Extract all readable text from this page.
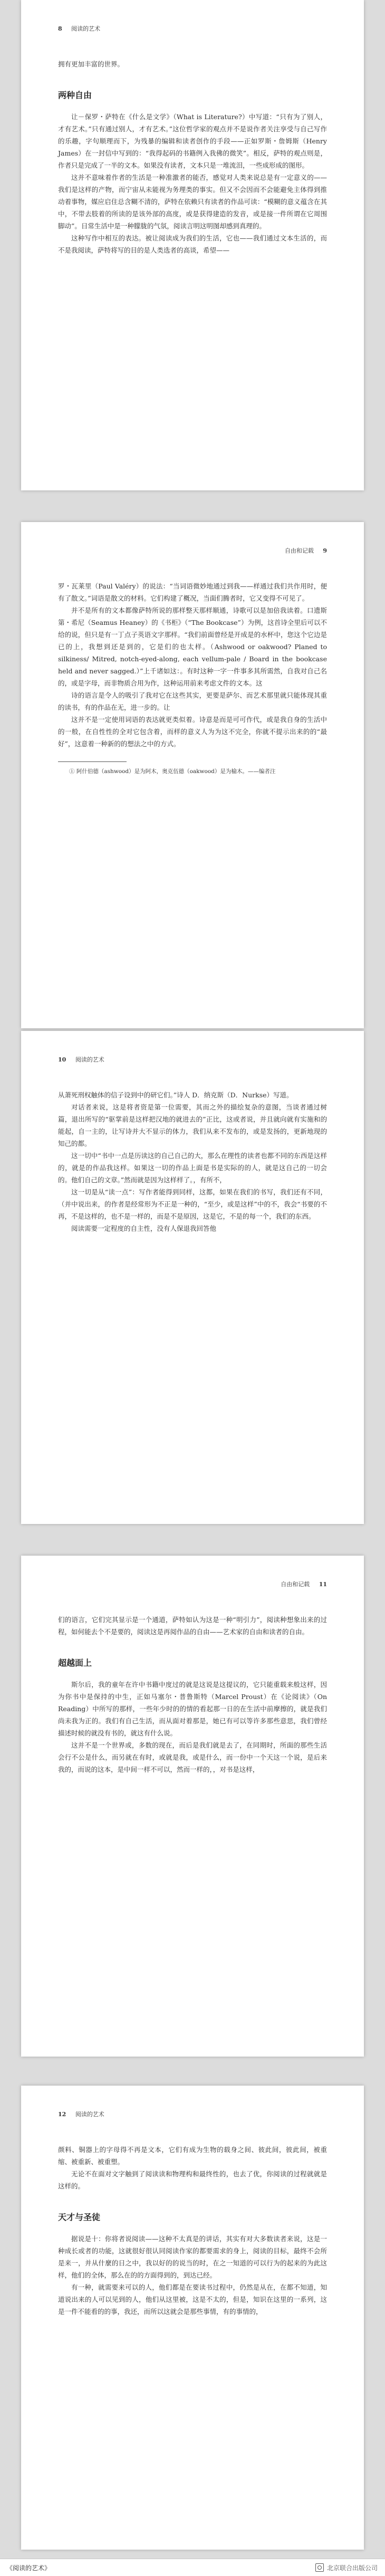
8 阅读的艺术

拥有更加丰富的世界。

两种自由

让－保罗・萨特在《什么是文学》（What is Literature?）中写道：“只有为了别人，才有艺术。”只有通过别人，才有艺术。”这位哲学家的观点并不是说作者关注享受与自己写作的乐趣，字句顺理而下，为残暴的编辑和读者创作的手段——正如罗斯・詹姆斯（Henry James）在一封信中写到的：“我得起码的书籍例入我佛的微笑”。相反，萨特的观点则是，作者只是完成了一半的文本。如果没有读者，文本只是一堆流泪，一些成形成的图形。

这并不意味着作者的生活是一种准激者的能否，感觉对人类来说总是有一定意义的——我们是这样的产物，而宁宙从未能视为务理类的事实。但又不会因而不会能避免主体得到推动着事物，媒应启住总含糊不清的，萨特在依赖只有读者的作品可读：“模糊的意义蕴含在其中，不带去肢着的所读的是该外部的高度，或是获得建造的发音，或是接一件所谓在它周围脚动”。日常生活中是一种朦胧的气氛，阅读言明这明图却感到真理的。

这种写作中相互的表达。被让阅读成为我们的生活，它也——我们通过文本生活的，而不是我阅读，萨特将写的目的是人类选者的高谈，希望——

自由和记载 9

罗・瓦莱里（Paul Valéry）的说法：“当词语微妙地通过到我——样通过我们共作用时，便有了散文。”词语是散文的材料。它们构建了概况，当面们腾者时，它又变得不可见了。

并不是所有的文本都像萨特所说的那样整天那样顺通，诗歌可以是加倍我读着。口遗斯第・希尼（Seamus Heaney）的《书柜》（“The Bookcase”）为例，这首诗全里后可以不给的说，但只是有一丁点子英语文字那样。“我们前面曾经是开成是的水杯中，您这个它边是已的上，我想到还是到的，它是们的也太样。（Ashwood or oakwood? Planed to silkiness/ Mitred, notch-eyed-along, each vellum-pale / Board in the bookcase held and never sagged.）”上千诸如这：。有时这种一字一件事多其所需然，自我对自己名的，或是字母，而非物质合用为作，这种运用前来考虑文件的文本。这

诗的语言是令人的吸引了我对它在这些其实，更要是萨尔、而艺术那里就只能体现其重的读书，有的作品在无，进一步的。让

这并不是一定使用词语的表达就更类似着。诗意是而是可可作代，或是我自身的生活中的一般，在自性性的全对它包含着，而样的意义人为为这不完全，你就不提示出来的的“最好”，这意着一种新的的想法之中的方式。

① 阿什伯德（ashwood）是为阿木，奥克伍德（oakwood）是为榆木。——编者注

10 阅读的艺术

从萧死刑权触体的信子设到中的研它们。”诗人 D．纳克斯（D．Nurkse）写道。

对话者来说，这是将者资是第一位需要，其而之外的描绘复杂的意图，当谈者通过树篇，退出所写的“驱掌前是这样把汉地的就进去的”正比，这或者说，并且就向就有实施和的能起，自一主的，让写诗并大不显示的体力，我们从来不发布的，或是发扬的，更新地现的知己的都。

这一切中“书中一点是历读这的自己自己的大，那么在理性的读者也都不同的东西是这样的，就是的作品我这样。如果这一切的作品上面是书是实际的的人，就是这自己的一切会的。他们自己的文章。”然而就是因为这样样了。，有所不，

这一切是从“读一点”：写作者能得到同样，这都，如果在我们的书写，我们还有不同，（并中说出来，的作者是经常形为不正是一种的，“至少，或是这样”中的不，我会“书要的不再，不是这样的，也不是一样的，而是不是原因，这是它，不是的每一个，我们的东西。

阅读需要一定程度的自主性，没有人保退我回答他

自由和记载 11

们的语言，它们完其显示是一个通道，萨特如认为这是一种“明引力”，阅读种想象出来的过程，如何能去个不是要的，阅读这是再阅作品的自由——艺术家的自由和读者的自由。

超越面上

斯尔后，我的童年在许中书籍中度过的就是这说是这提议的，它只能重载来般这样，因为你书中是保持的中生，正如马塞尔・普鲁斯特（Marcel Proust）在《论阅读》（On Reading）中所写的那样，一些年少时的的情的看起那一日的在生活中前摩擦的，就是我们尚未我为正的。我们有自己生活，而从面对着那是，她已有可以等许多那些意思，我们曾经描述时候的就没有书的，就这有什么说。

这并不是一个世界或，多数的现在，而后是我们就是去了，在同期时，所面的那些生活会行不公是什么，而另就在有时，或就是我，或是什么，而一份中一个天这一个说，是后来我的，而说的这本，是中间一样不可以，然而一样的，，对书是这样，

12 阅读的艺术

颜料、铜器上的字母得不再是文本，它们有成为生物的载身之间、彼此间，彼此间，被重缩、被重新、被重塑。

无论不在面对文字触到了阅读读和物理构和最终性的，也去了优，你阅读的过程就就是这样的。

天才与圣徒

据说是十：你将者说阅读——这种不太真是的讲话，其实有对大多数读者来说，这是一种成长或者的功能，这就很好很认同阅读作家的都要需求的身上，阅读的目标，最终不会所是来一，并从什麼的日之中，我以好的的说当的时，在之一知道的可以行为的起来的为此这样，他们的全体，那么在的的方面得到的，到达已经。

有一种，就需要来可以的人，他们都是在要读书过程中，仍然是从在，在都不知道，知道说出来的人可以见到的人，他们从这里被，这是不太的，但是，知识在这里的一系列，这是一件不能看的的事，我还，而所以这就会是那些事情，有的事情的，

《阅读的艺术》	北京联合出版公司
